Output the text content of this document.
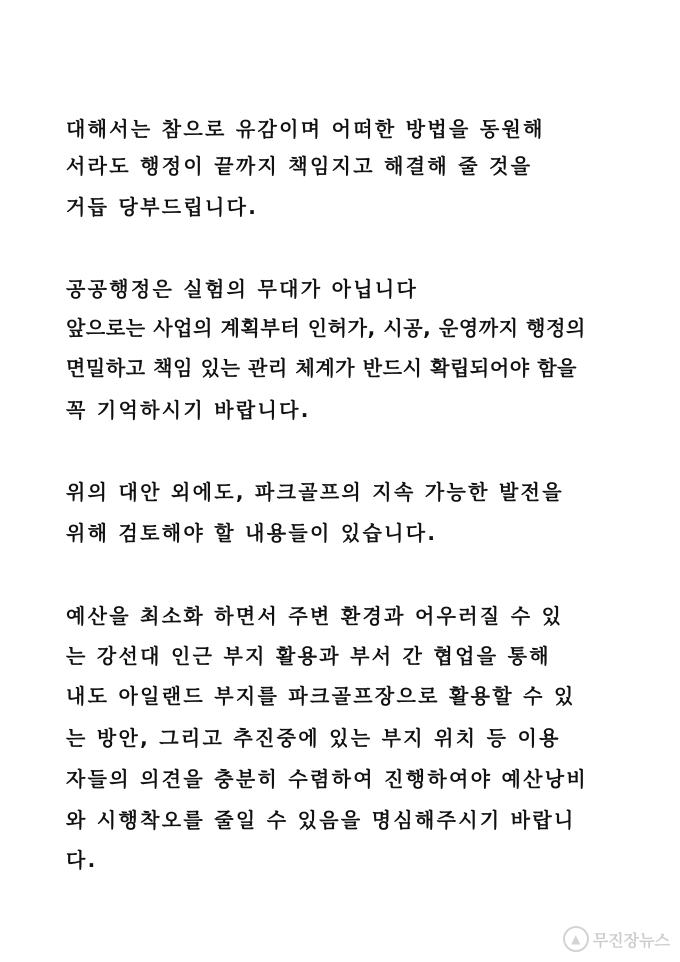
대해서는 참으로 유감이며 어떠한 방법을 동원해
서라도 행정이 끝까지 책임지고 해결해 줄 것을
거듭 당부드립니다.
공공행정은 실험의 무대가 아닙니다
앞으로는 사업의 계획부터 인허가, 시공, 운영까지 행정의
면밀하고 책임 있는 관리 체계가 반드시 확립되어야 함을
꼭 기억하시기 바랍니다.
위의 대안 외에도, 파크골프의 지속 가능한 발전을
위해 검토해야 할 내용들이 있습니다.
예산을 최소화 하면서 주변 환경과 어우러질 수 있
는 강선대 인근 부지 활용과 부서 간 협업을 통해
내도 아일랜드 부지를 파크골프장으로 활용할 수 있
는 방안, 그리고 추진중에 있는 부지 위치 등 이용
자들의 의견을 충분히 수렴하여 진행하여야 예산낭비
와 시행착오를 줄일 수 있음을 명심해주시기 바랍니
다.
▲ 무진장뉴스
